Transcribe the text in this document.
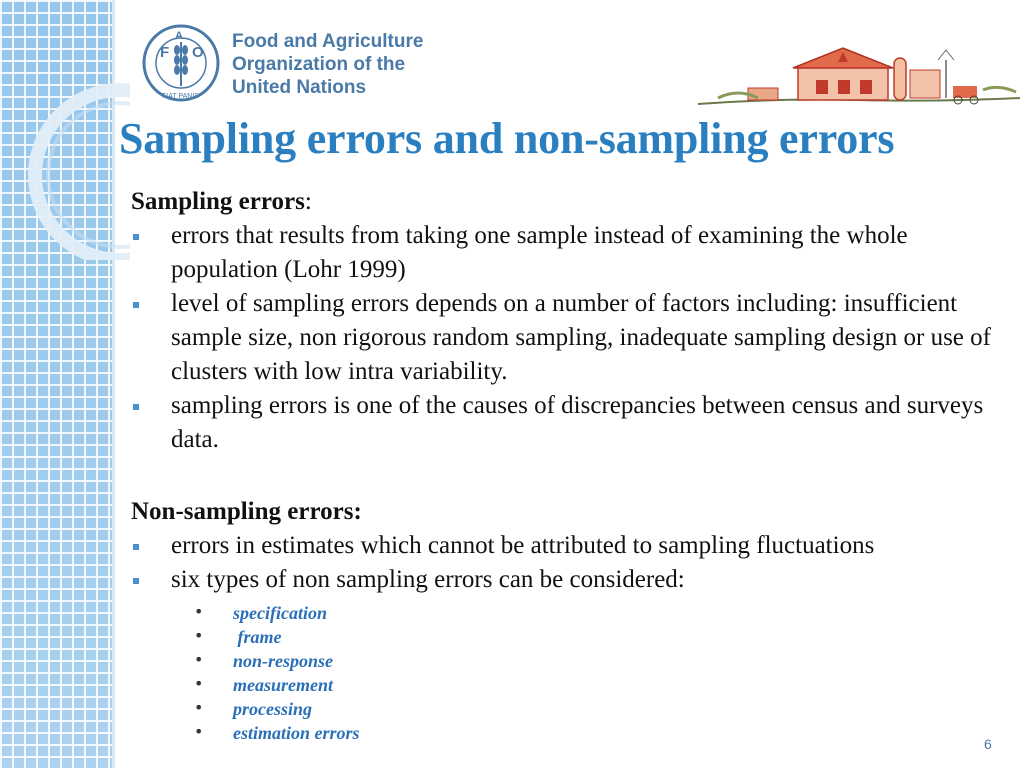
F
A
O
FIAT PANIS
Food and Agriculture
Organization of the
United Nations
Sampling errors and non-sampling errors
Sampling errors:
errors that results from taking one sample instead of examining the whole population (Lohr 1999)
level of sampling errors depends on a number of factors including: insufficient sample size, non rigorous random sampling, inadequate sampling design or use of clusters with low intra variability.
sampling errors is one of the causes of discrepancies between census and surveys data.
Non-sampling errors:
errors in estimates which cannot be attributed to sampling fluctuations
six types of non sampling errors can be considered:
• specification
• frame
• non-response
• measurement
• processing
• estimation errors
6
